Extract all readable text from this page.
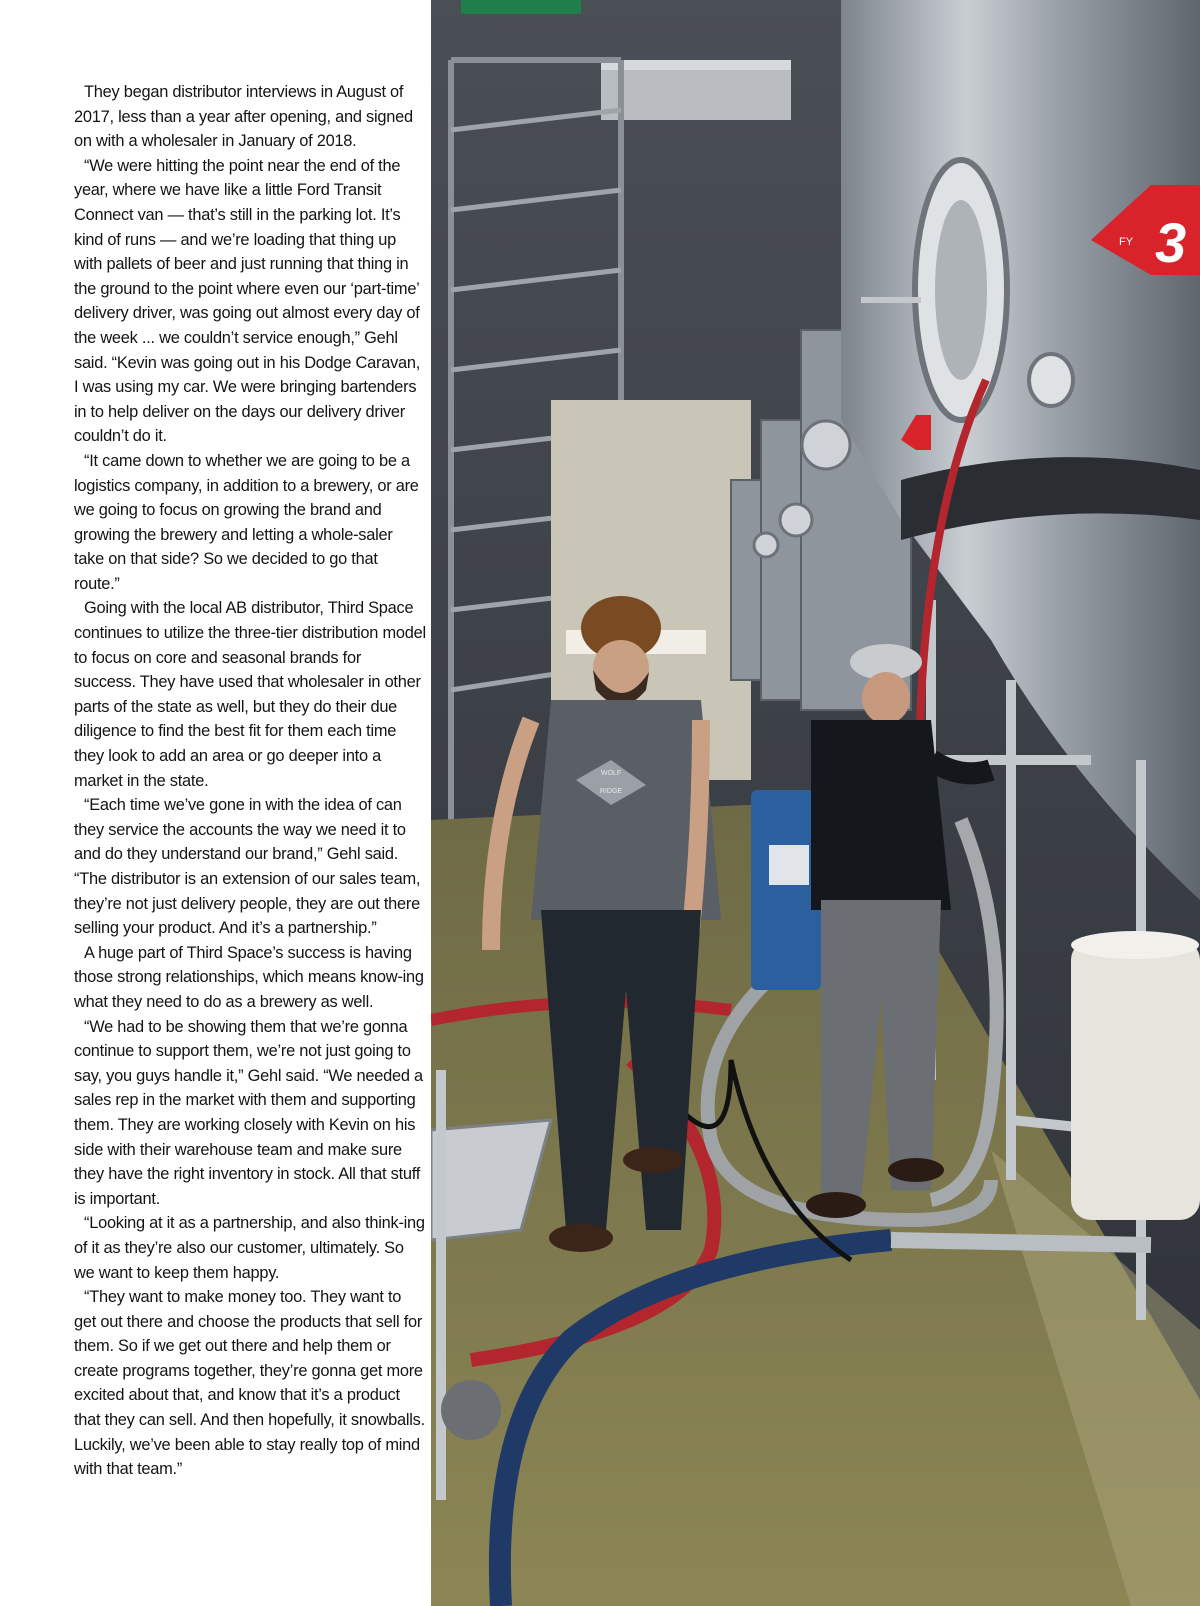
They began distributor interviews in August of 2017, less than a year after opening, and signed on with a wholesaler in January of 2018.

“We were hitting the point near the end of the year, where we have like a little Ford Transit Connect van — that’s still in the parking lot. It’s kind of runs — and we’re loading that thing up with pallets of beer and just running that thing in the ground to the point where even our ‘part-time’ delivery driver, was going out almost every day of the week ... we couldn’t service enough,” Gehl said. “Kevin was going out in his Dodge Caravan, I was using my car. We were bringing bartenders in to help deliver on the days our delivery driver couldn’t do it.

“It came down to whether we are going to be a logistics company, in addition to a brewery, or are we going to focus on growing the brand and growing the brewery and letting a whole-saler take on that side? So we decided to go that route.”

Going with the local AB distributor, Third Space continues to utilize the three-tier distribution model to focus on core and seasonal brands for success. They have used that wholesaler in other parts of the state as well, but they do their due diligence to find the best fit for them each time they look to add an area or go deeper into a market in the state.

“Each time we’ve gone in with the idea of can they service the accounts the way we need it to and do they understand our brand,” Gehl said. “The distributor is an extension of our sales team, they’re not just delivery people, they are out there selling your product. And it’s a partnership.”

A huge part of Third Space’s success is having those strong relationships, which means know-ing what they need to do as a brewery as well.

“We had to be showing them that we’re gonna continue to support them, we’re not just going to say, you guys handle it,” Gehl said. “We needed a sales rep in the market with them and supporting them. They are working closely with Kevin on his side with their warehouse team and make sure they have the right inventory in stock. All that stuff is important.

“Looking at it as a partnership, and also think-ing of it as they’re also our customer, ultimately. So we want to keep them happy.

“They want to make money too. They want to get out there and choose the products that sell for them. So if we get out there and help them or create programs together, they’re gonna get more excited about that, and know that it’s a product that they can sell. And then hopefully, it snowballs. Luckily, we’ve been able to stay really top of mind with that team.”

FY 3
WOLF
RIDGE
